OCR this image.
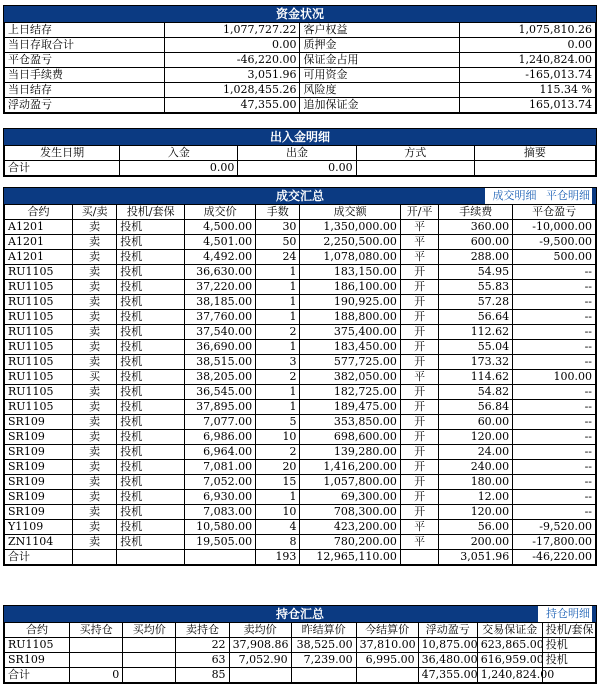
资金状况
上日结存	1,077,727.22	客户权益	1,075,810.26
当日存取合计	0.00	质押金	0.00
平仓盈亏	-46,220.00	保证金占用	1,240,824.00
当日手续费	3,051.96	可用资金	-165,013.74
当日结存	1,028,455.26	风险度	115.34 %
浮动盈亏	47,355.00	追加保证金	165,013.74
出入金明细
发生日期	入金	出金	方式	摘要
合计	0.00	0.00		
成交汇总	成交明细 平仓明细
合约	买/卖	投机/套保	成交价	手数	成交额	开/平	手续费	平仓盈亏
A1201	卖	投机	4,500.00	30	1,350,000.00	平	360.00	-10,000.00
A1201	卖	投机	4,501.00	50	2,250,500.00	平	600.00	-9,500.00
A1201	卖	投机	4,492.00	24	1,078,080.00	平	288.00	500.00
RU1105	卖	投机	36,630.00	1	183,150.00	开	54.95	--
RU1105	卖	投机	37,220.00	1	186,100.00	开	55.83	--
RU1105	卖	投机	38,185.00	1	190,925.00	开	57.28	--
RU1105	卖	投机	37,760.00	1	188,800.00	开	56.64	--
RU1105	卖	投机	37,540.00	2	375,400.00	开	112.62	--
RU1105	卖	投机	36,690.00	1	183,450.00	开	55.04	--
RU1105	卖	投机	38,515.00	3	577,725.00	开	173.32	--
RU1105	买	投机	38,205.00	2	382,050.00	平	114.62	100.00
RU1105	卖	投机	36,545.00	1	182,725.00	开	54.82	--
RU1105	卖	投机	37,895.00	1	189,475.00	开	56.84	--
SR109	卖	投机	7,077.00	5	353,850.00	开	60.00	--
SR109	卖	投机	6,986.00	10	698,600.00	开	120.00	--
SR109	卖	投机	6,964.00	2	139,280.00	开	24.00	--
SR109	卖	投机	7,081.00	20	1,416,200.00	开	240.00	--
SR109	卖	投机	7,052.00	15	1,057,800.00	开	180.00	--
SR109	卖	投机	6,930.00	1	69,300.00	开	12.00	--
SR109	卖	投机	7,083.00	10	708,300.00	开	120.00	--
Y1109	卖	投机	10,580.00	4	423,200.00	平	56.00	-9,520.00
ZN1104	卖	投机	19,505.00	8	780,200.00	平	200.00	-17,800.00
合计				193	12,965,110.00		3,051.96	-46,220.00
持仓汇总	持仓明细
合约	买持仓	买均价	卖持仓	卖均价	昨结算价	今结算价	浮动盈亏	交易保证金	投机/套保
RU1105			22	37,908.86	38,525.00	37,810.00	10,875.00	623,865.00	投机
SR109			63	7,052.90	7,239.00	6,995.00	36,480.00	616,959.00	投机
合计	0		85				47,355.00	1,240,824.00	
